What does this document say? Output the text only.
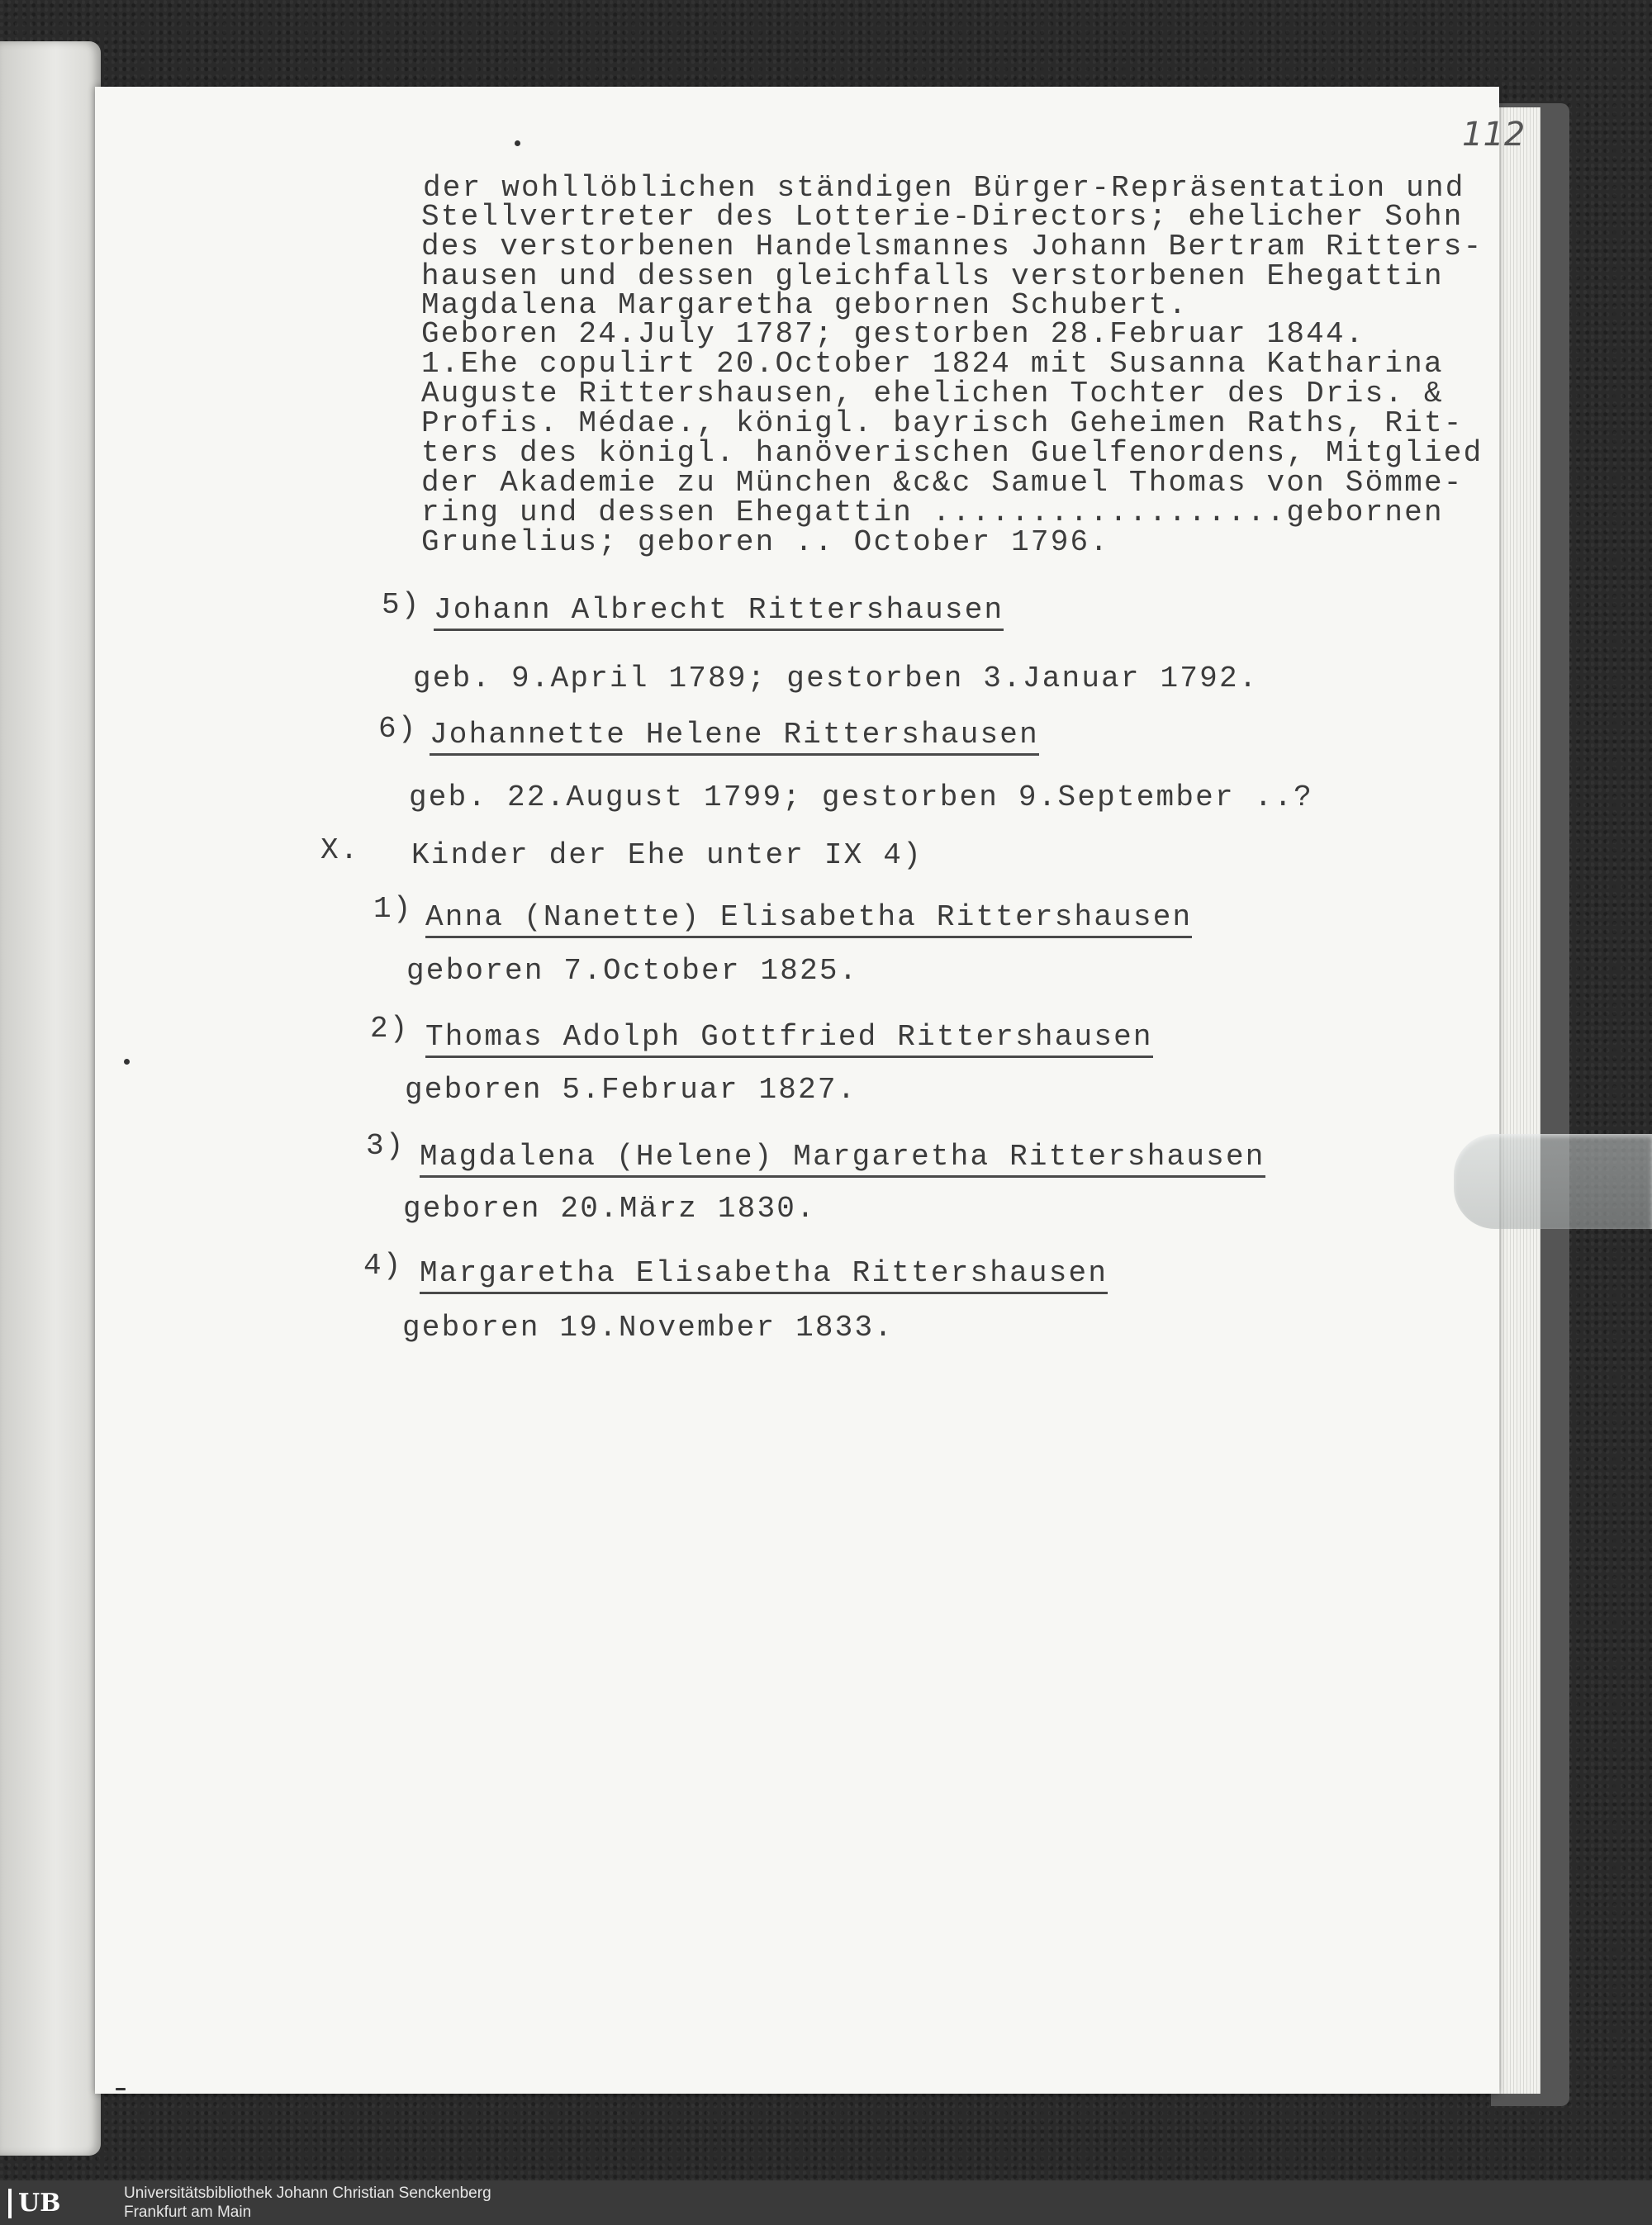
112
der wohllöblichen ständigen Bürger-Repräsentation und
Stellvertreter des Lotterie-Directors; ehelicher Sohn
des verstorbenen Handelsmannes Johann Bertram Ritters-
hausen und dessen gleichfalls verstorbenen Ehegattin
Magdalena Margaretha gebornen Schubert.
Geboren 24.July 1787; gestorben 28.Februar 1844.
1.Ehe copulirt 20.October 1824 mit Susanna Katharina
Auguste Rittershausen, ehelichen Tochter des Dris. &
Profis. Médae., königl. bayrisch Geheimen Raths, Rit-
ters des königl. hanöverischen Guelfenordens, Mitglied
der Akademie zu München &c&c Samuel Thomas von Sömme-
ring und dessen Ehegattin ..................gebornen
Grunelius; geboren .. October 1796.
5) Johann Albrecht Rittershausen
geb. 9.April 1789; gestorben 3.Januar 1792.
6) Johannette Helene Rittershausen
geb. 22.August 1799; gestorben 9.September ..?
X. Kinder der Ehe unter IX 4)
1) Anna (Nanette) Elisabetha Rittershausen
geboren 7.October 1825.
2) Thomas Adolph Gottfried Rittershausen
geboren 5.Februar 1827.
3) Magdalena (Helene) Margaretha Rittershausen
geboren 20.März 1830.
4) Margaretha Elisabetha Rittershausen
geboren 19.November 1833.
UB	Universitätsbibliothek Johann Christian Senckenberg
Frankfurt am Main
